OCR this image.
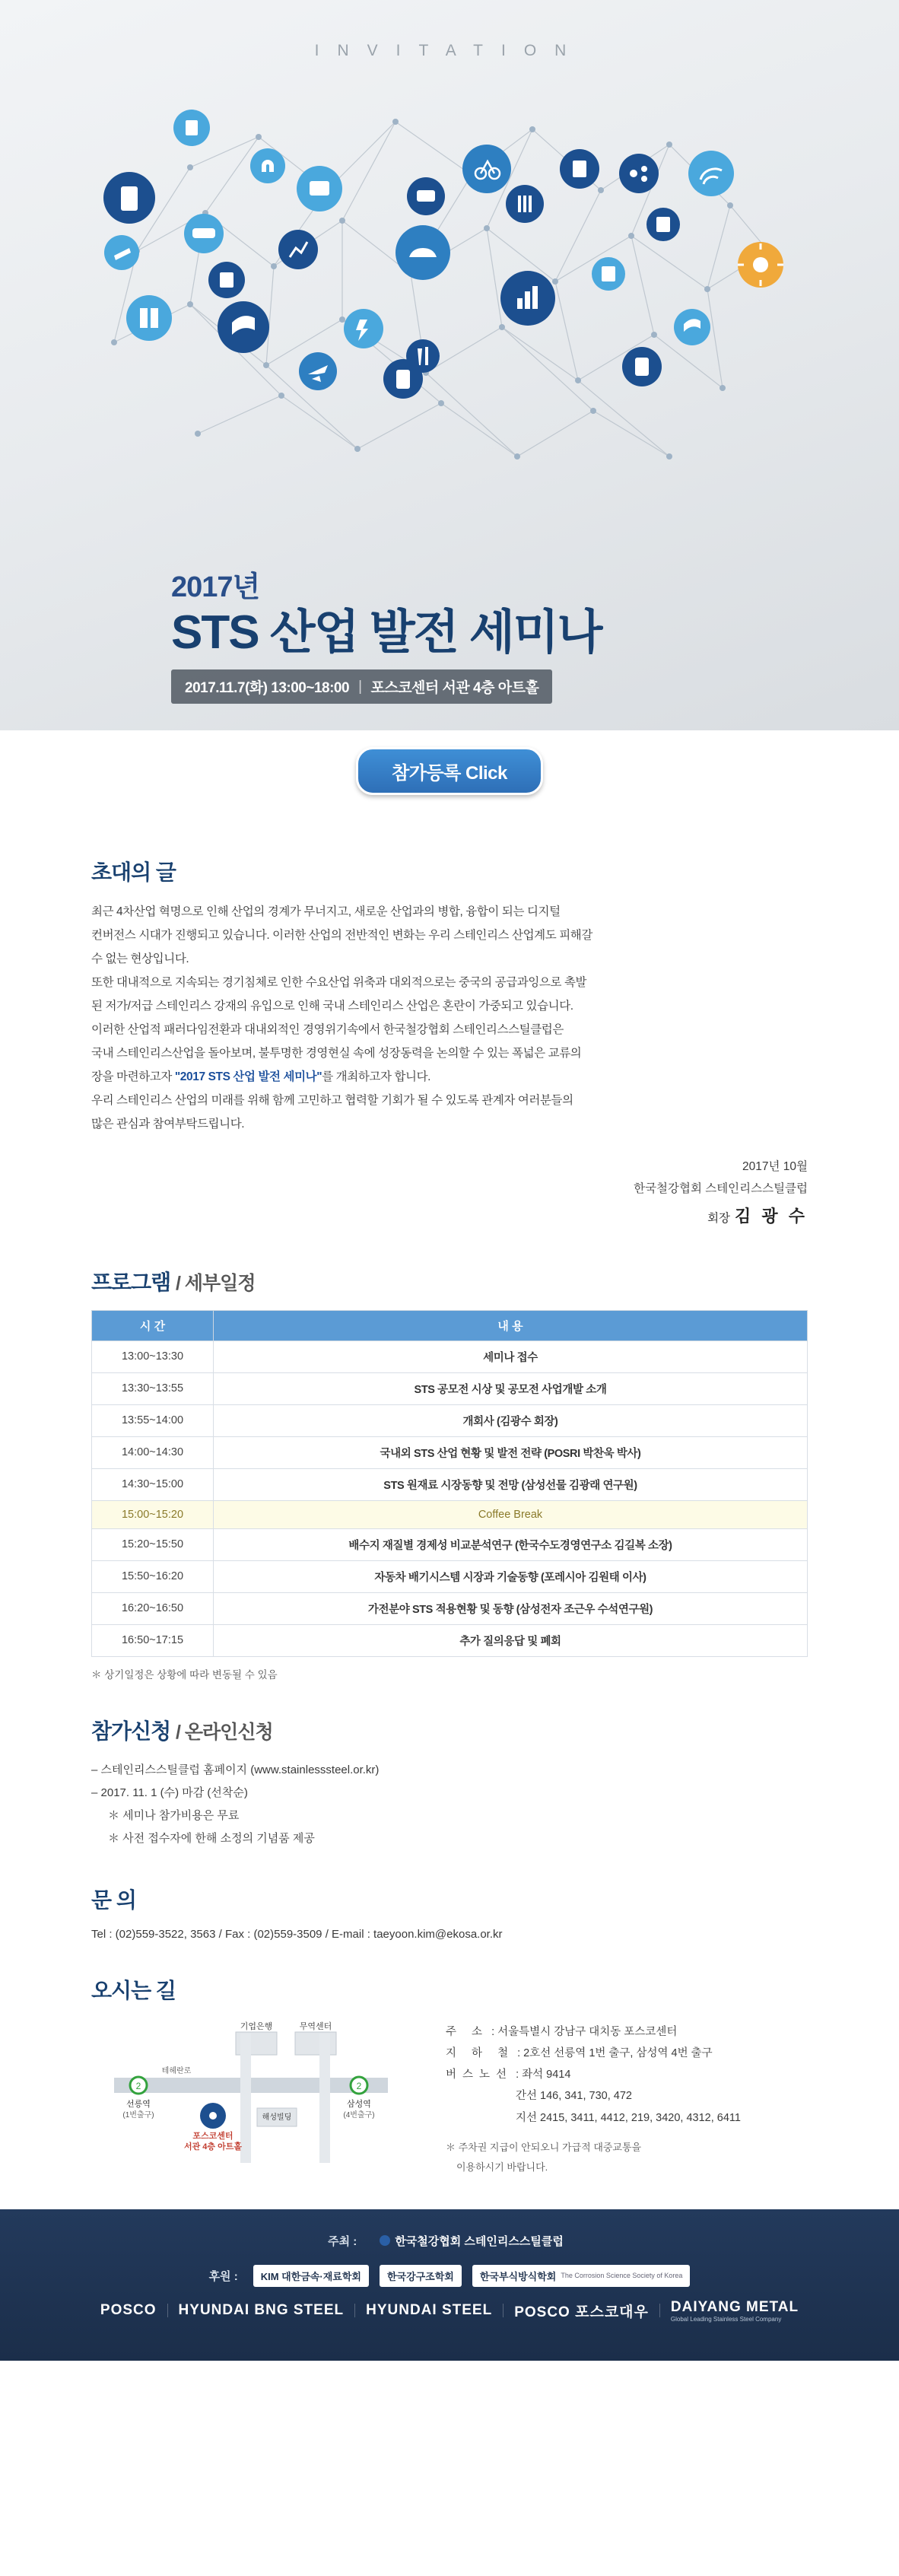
INVITATION
2017년
STS 산업 발전 세미나
2017.11.7(화) 13:00~18:00 | 포스코센터 서관 4층 아트홀
참가등록 Click
초대의 글
최근 4차산업 혁명으로 인해 산업의 경계가 무너지고, 새로운 산업과의 병합, 융합이 되는 디지털
컨버전스 시대가 진행되고 있습니다. 이러한 산업의 전반적인 변화는 우리 스테인리스 산업계도 피해갈
수 없는 현상입니다.
또한 대내적으로 지속되는 경기침체로 인한 수요산업 위축과 대외적으로는 중국의 공급과잉으로 촉발
된 저가/저급 스테인리스 강재의 유입으로 인해 국내 스테인리스 산업은 혼란이 가중되고 있습니다.
이러한 산업적 패러다임전환과 대내외적인 경영위기속에서 한국철강협회 스테인리스스틸클럽은
국내 스테인리스산업을 돌아보며, 불투명한 경영현실 속에 성장동력을 논의할 수 있는 폭넓은 교류의
장을 마련하고자 "2017 STS 산업 발전 세미나"를 개최하고자 합니다.
우리 스테인리스 산업의 미래를 위해 함께 고민하고 협력할 기회가 될 수 있도록 관계자 여러분들의
많은 관심과 참여부탁드립니다.
2017년 10월
한국철강협회 스테인리스스틸클럽
회장 김 광 수
프로그램 / 세부일정
시 간	내 용
13:00~13:30	세미나 접수
13:30~13:55	STS 공모전 시상 및 공모전 사업개발 소개
13:55~14:00	개회사 (김광수 회장)
14:00~14:30	국내외 STS 산업 현황 및 발전 전략 (POSRI 박찬욱 박사)
14:30~15:00	STS 원재료 시장동향 및 전망 (삼성선물 김광래 연구원)
15:00~15:20	Coffee Break
15:20~15:50	배수지 재질별 경제성 비교분석연구 (한국수도경영연구소 김길복 소장)
15:50~16:20	자동차 배기시스템 시장과 기술동향 (포레시아 김원태 이사)
16:20~16:50	가전분야 STS 적용현황 및 동향 (삼성전자 조근우 수석연구원)
16:50~17:15	추가 질의응답 및 폐회
＊ 상기일정은 상황에 따라 변동될 수 있음
참가신청 / 온라인신청
– 스테인리스스틸클럽 홈페이지 (www.stainlesssteel.or.kr)
– 2017. 11. 1 (수) 마감 (선착순)
＊ 세미나 참가비용은 무료
＊ 사전 접수자에 한해 소정의 기념품 제공
문 의
Tel : (02)559-3522, 3563 / Fax : (02)559-3509 / E-mail : taeyoon.kim@ekosa.or.kr
오시는 길
2	2
기업은행	무역센터
테헤란로
선릉역
(1번출구)
삼성역
(4번출구)
해성빌딩
포스코센터
서관 4층 아트홀
주 소 : 서울특별시 강남구 대치동 포스코센터
지 하 철 : 2호선 선릉역 1번 출구, 삼성역 4번 출구
버스노선 : 좌석 9414
간선 146, 341, 730, 472
지선 2415, 3411, 4412, 219, 3420, 4312, 6411
＊ 주차권 지급이 안되오니 가급적 대중교통을
이용하시기 바랍니다.
주최 :	한국철강협회 스테인리스스틸클럽
후원 : KIM 대한금속·재료학회	한국강구조학회	한국부식방식학회 The Corrosion Science Society of Korea
POSCO HYUNDAI BNG STEEL HYUNDAI STEEL POSCO 포스코대우 DAIYANG METAL
Global Leading Stainless Steel Company
